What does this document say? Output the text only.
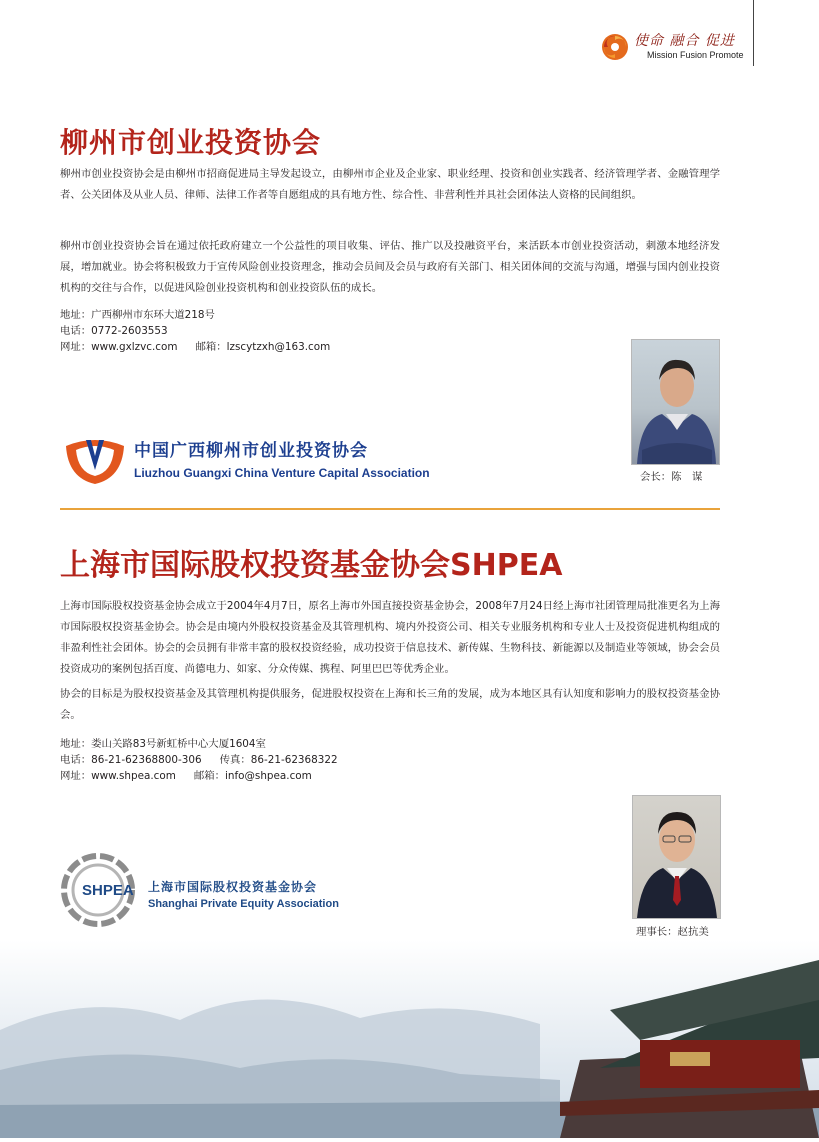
使命 融合 促进
Mission Fusion Promote
柳州市创业投资协会
柳州市创业投资协会是由柳州市招商促进局主导发起设立，由柳州市企业及企业家、职业经理、投资和创业实践者、经济管理学者、金融管理学者、公关团体及从业人员、律师、法律工作者等自愿组成的具有地方性、综合性、非营利性并具社会团体法人资格的民间组织。
柳州市创业投资协会旨在通过依托政府建立一个公益性的项目收集、评估、推广以及投融资平台，来活跃本市创业投资活动，刺激本地经济发展，增加就业。协会将积极致力于宣传风险创业投资理念，推动会员间及会员与政府有关部门、相关团体间的交流与沟通，增强与国内创业投资机构的交往与合作，以促进风险创业投资机构和创业投资队伍的成长。
地址：广西柳州市东环大道218号
电话：0772-2603553
网址：www.gxlzvc.com 邮箱：lzscytzxh@163.com
会长：陈　谋
中国广西柳州市创业投资协会
Liuzhou Guangxi China Venture Capital Association
上海市国际股权投资基金协会SHPEA
上海市国际股权投资基金协会成立于2004年4月7日，原名上海市外国直接投资基金协会，2008年7月24日经上海市社团管理局批准更名为上海市国际股权投资基金协会。协会是由境内外股权投资基金及其管理机构、境内外投资公司、相关专业服务机构和专业人士及投资促进机构组成的非盈利性社会团体。协会的会员拥有非常丰富的股权投资经验，成功投资于信息技术、新传媒、生物科技、新能源以及制造业等领域，协会会员投资成功的案例包括百度、尚德电力、如家、分众传媒、携程、阿里巴巴等优秀企业。
协会的目标是为股权投资基金及其管理机构提供服务，促进股权投资在上海和长三角的发展，成为本地区具有认知度和影响力的股权投资基金协会。
地址：娄山关路83号新虹桥中心大厦1604室
电话：86-21-62368800-306 传真：86-21-62368322
网址：www.shpea.com 邮箱：info@shpea.com
理事长：赵抗美
SHPEA 上海市国际股权投资基金协会
Shanghai Private Equity Association
